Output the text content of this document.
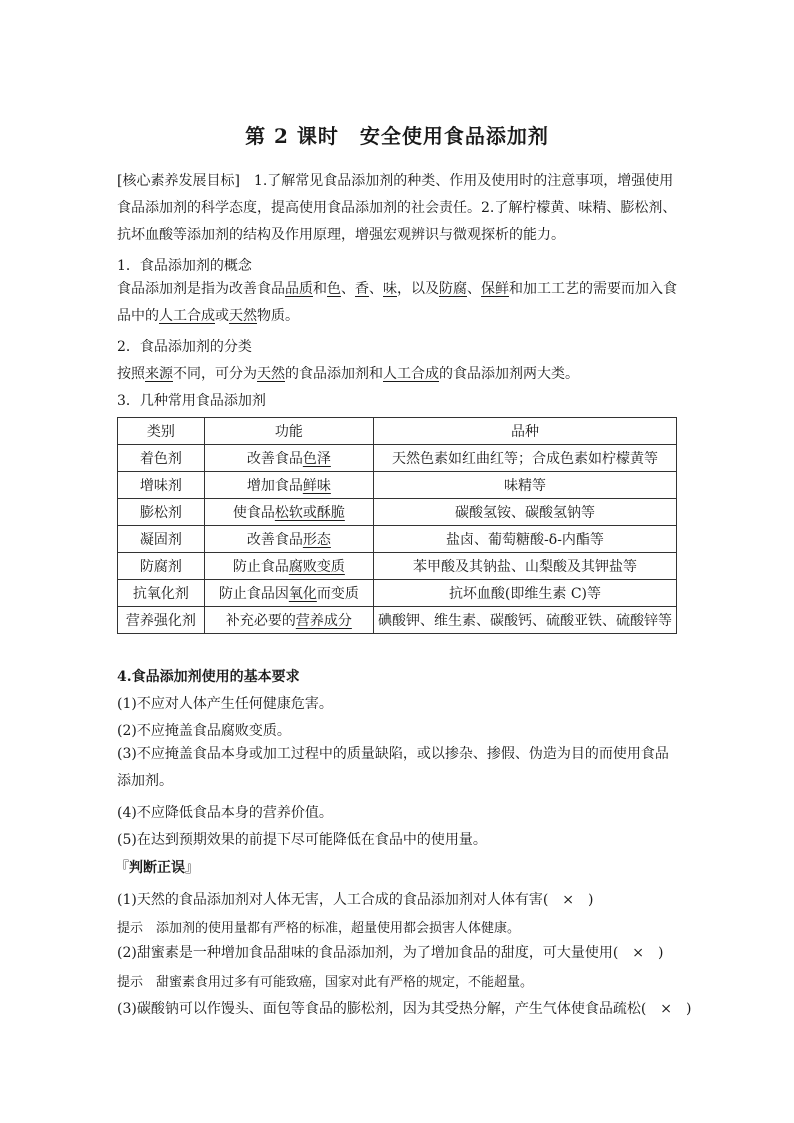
第 2 课时　安全使用食品添加剂
[核心素养发展目标]　1.了解常见食品添加剂的种类、作用及使用时的注意事项，增强使用食品添加剂的科学态度，提高使用食品添加剂的社会责任。2.了解柠檬黄、味精、膨松剂、抗坏血酸等添加剂的结构及作用原理，增强宏观辨识与微观探析的能力。
1．食品添加剂的概念
食品添加剂是指为改善食品品质和色、香、味，以及防腐、保鲜和加工工艺的需要而加入食品中的人工合成或天然物质。
2．食品添加剂的分类
按照来源不同，可分为天然的食品添加剂和人工合成的食品添加剂两大类。
3．几种常用食品添加剂
类别	功能	品种
着色剂	改善食品色泽	天然色素如红曲红等；合成色素如柠檬黄等
增味剂	增加食品鲜味	味精等
膨松剂	使食品松软或酥脆	碳酸氢铵、碳酸氢钠等
凝固剂	改善食品形态	盐卤、葡萄糖酸-δ-内酯等
防腐剂	防止食品腐败变质	苯甲酸及其钠盐、山梨酸及其钾盐等
抗氧化剂	防止食品因氧化而变质	抗坏血酸(即维生素 C)等
营养强化剂	补充必要的营养成分	碘酸钾、维生素、碳酸钙、硫酸亚铁、硫酸锌等
4.食品添加剂使用的基本要求
(1)不应对人体产生任何健康危害。
(2)不应掩盖食品腐败变质。
(3)不应掩盖食品本身或加工过程中的质量缺陷，或以掺杂、掺假、伪造为目的而使用食品添加剂。
(4)不应降低食品本身的营养价值。
(5)在达到预期效果的前提下尽可能降低在食品中的使用量。
『判断正误』
(1)天然的食品添加剂对人体无害，人工合成的食品添加剂对人体有害(　×　)
提示　添加剂的使用量都有严格的标准，超量使用都会损害人体健康。
(2)甜蜜素是一种增加食品甜味的食品添加剂，为了增加食品的甜度，可大量使用(　×　)
提示　甜蜜素食用过多有可能致癌，国家对此有严格的规定，不能超量。
(3)碳酸钠可以作馒头、面包等食品的膨松剂，因为其受热分解，产生气体使食品疏松(　×　)
